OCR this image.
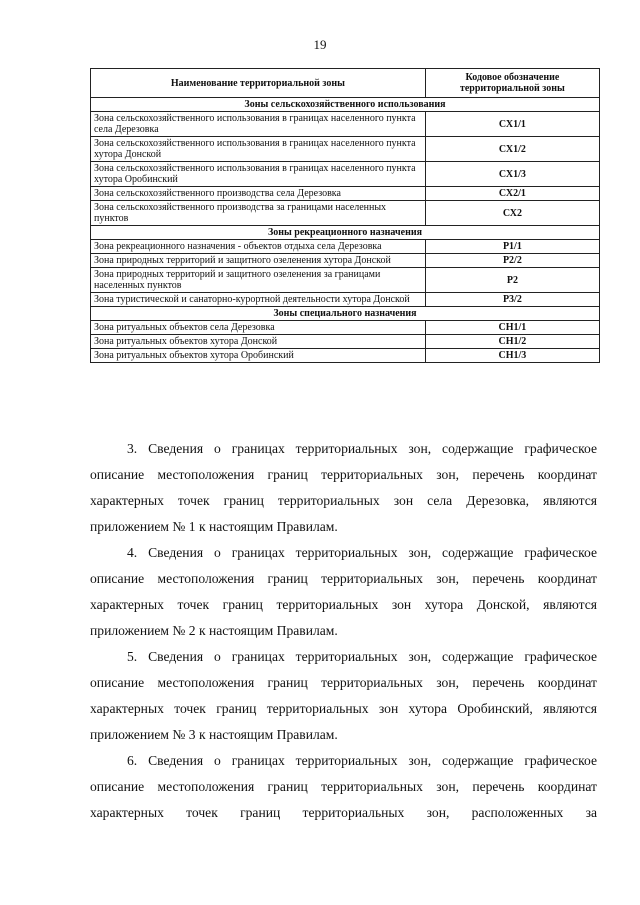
19
Наименование территориальной зоны	Кодовое обозначение территориальной зоны
Зоны сельскохозяйственного использования	
Зона сельскохозяйственного использования в границах населенного пункта села Дерезовка	СХ1/1
Зона сельскохозяйственного использования в границах населенного пункта хутора Донской	СХ1/2
Зона сельскохозяйственного использования в границах населенного пункта хутора Оробинский	СХ1/3
Зона сельскохозяйственного производства села Дерезовка	СХ2/1
Зона сельскохозяйственного производства за границами населенных пунктов	СХ2
Зоны рекреационного назначения	
Зона рекреационного назначения - объектов отдыха села Дерезовка	Р1/1
Зона природных территорий и защитного озеленения хутора Донской	Р2/2
Зона природных территорий и защитного озеленения за границами населенных пунктов	Р2
Зона туристической и санаторно-курортной деятельности хутора Донской	Р3/2
Зоны специального назначения	
Зона ритуальных объектов села Дерезовка	СН1/1
Зона ритуальных объектов хутора Донской	СН1/2
Зона ритуальных объектов хутора Оробинский	СН1/3

3. Сведения о границах территориальных зон, содержащие графическое описание местоположения границ территориальных зон, перечень координат характерных точек границ территориальных зон села Дерезовка, являются приложением № 1 к настоящим Правилам.

4. Сведения о границах территориальных зон, содержащие графическое описание местоположения границ территориальных зон, перечень координат характерных точек границ территориальных зон хутора Донской, являются приложением № 2 к настоящим Правилам.

5. Сведения о границах территориальных зон, содержащие графическое описание местоположения границ территориальных зон, перечень координат характерных точек границ территориальных зон хутора Оробинский, являются приложением № 3 к настоящим Правилам.

6. Сведения о границах территориальных зон, содержащие графическое описание местоположения границ территориальных зон, перечень координат характерных точек границ территориальных зон, расположенных за
